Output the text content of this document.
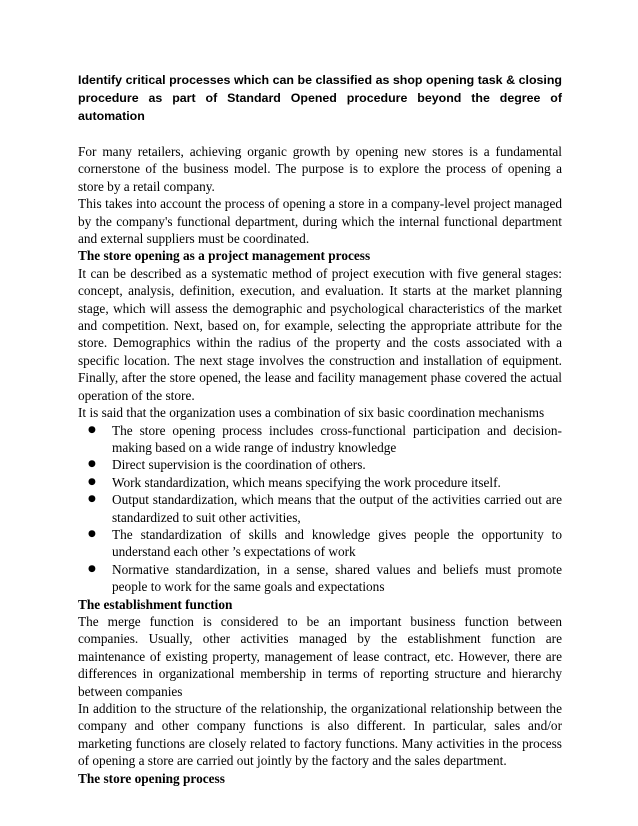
Identify critical processes which can be classified as shop opening task & closing procedure as part of Standard Opened procedure beyond the degree of automation

For many retailers, achieving organic growth by opening new stores is a fundamental cornerstone of the business model. The purpose is to explore the process of opening a store by a retail company.

This takes into account the process of opening a store in a company-level project managed by the company's functional department, during which the internal functional department and external suppliers must be coordinated.

The store opening as a project management process

It can be described as a systematic method of project execution with five general stages: concept, analysis, definition, execution, and evaluation. It starts at the market planning stage, which will assess the demographic and psychological characteristics of the market and competition. Next, based on, for example, selecting the appropriate attribute for the store. Demographics within the radius of the property and the costs associated with a specific location. The next stage involves the construction and installation of equipment. Finally, after the store opened, the lease and facility management phase covered the actual operation of the store.

It is said that the organization uses a combination of six basic coordination mechanisms

● The store opening process includes cross-functional participation and decision-making based on a wide range of industry knowledge
● Direct supervision is the coordination of others.
● Work standardization, which means specifying the work procedure itself.
● Output standardization, which means that the output of the activities carried out are standardized to suit other activities,
● The standardization of skills and knowledge gives people the opportunity to understand each other ’s expectations of work
● Normative standardization, in a sense, shared values and beliefs must promote people to work for the same goals and expectations

The establishment function

The merge function is considered to be an important business function between companies. Usually, other activities managed by the establishment function are maintenance of existing property, management of lease contract, etc. However, there are differences in organizational membership in terms of reporting structure and hierarchy between companies

In addition to the structure of the relationship, the organizational relationship between the company and other company functions is also different. In particular, sales and/or marketing functions are closely related to factory functions. Many activities in the process of opening a store are carried out jointly by the factory and the sales department.

The store opening process
